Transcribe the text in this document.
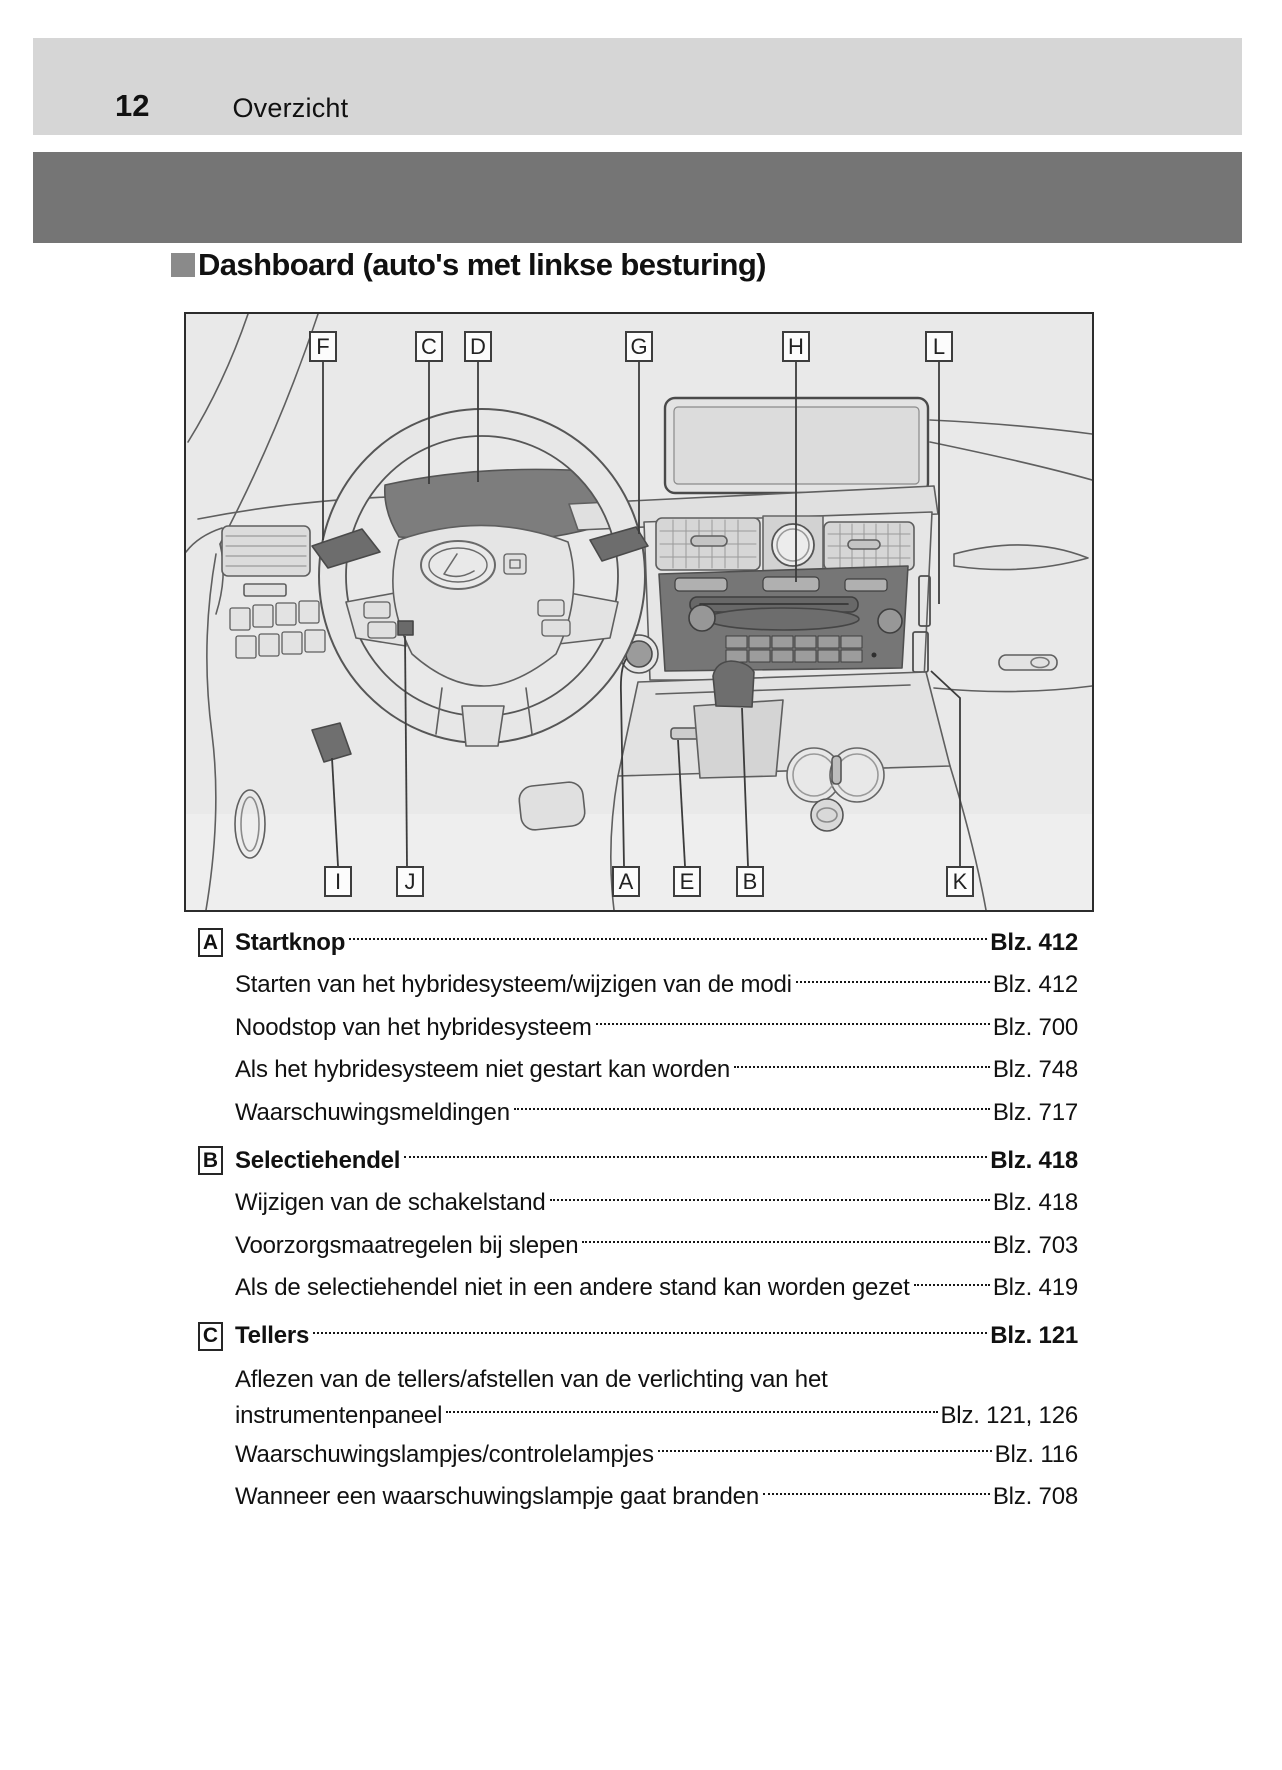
12	Overzicht
Dashboard (auto's met linkse besturing)
F	C D	G	H	L
I	J	A	E	B	K
A Startknop	Blz. 412
Starten van het hybridesysteem/wijzigen van de modi	Blz. 412
Noodstop van het hybridesysteem	Blz. 700
Als het hybridesysteem niet gestart kan worden	Blz. 748
Waarschuwingsmeldingen	Blz. 717
B Selectiehendel	Blz. 418
Wijzigen van de schakelstand	Blz. 418
Voorzorgsmaatregelen bij slepen	Blz. 703
Als de selectiehendel niet in een andere stand kan worden gezet	Blz. 419
C Tellers	Blz. 121
Aflezen van de tellers/afstellen van de verlichting van het
instrumentenpaneel	Blz. 121, 126
Waarschuwingslampjes/controlelampjes	Blz. 116
Wanneer een waarschuwingslampje gaat branden	Blz. 708
